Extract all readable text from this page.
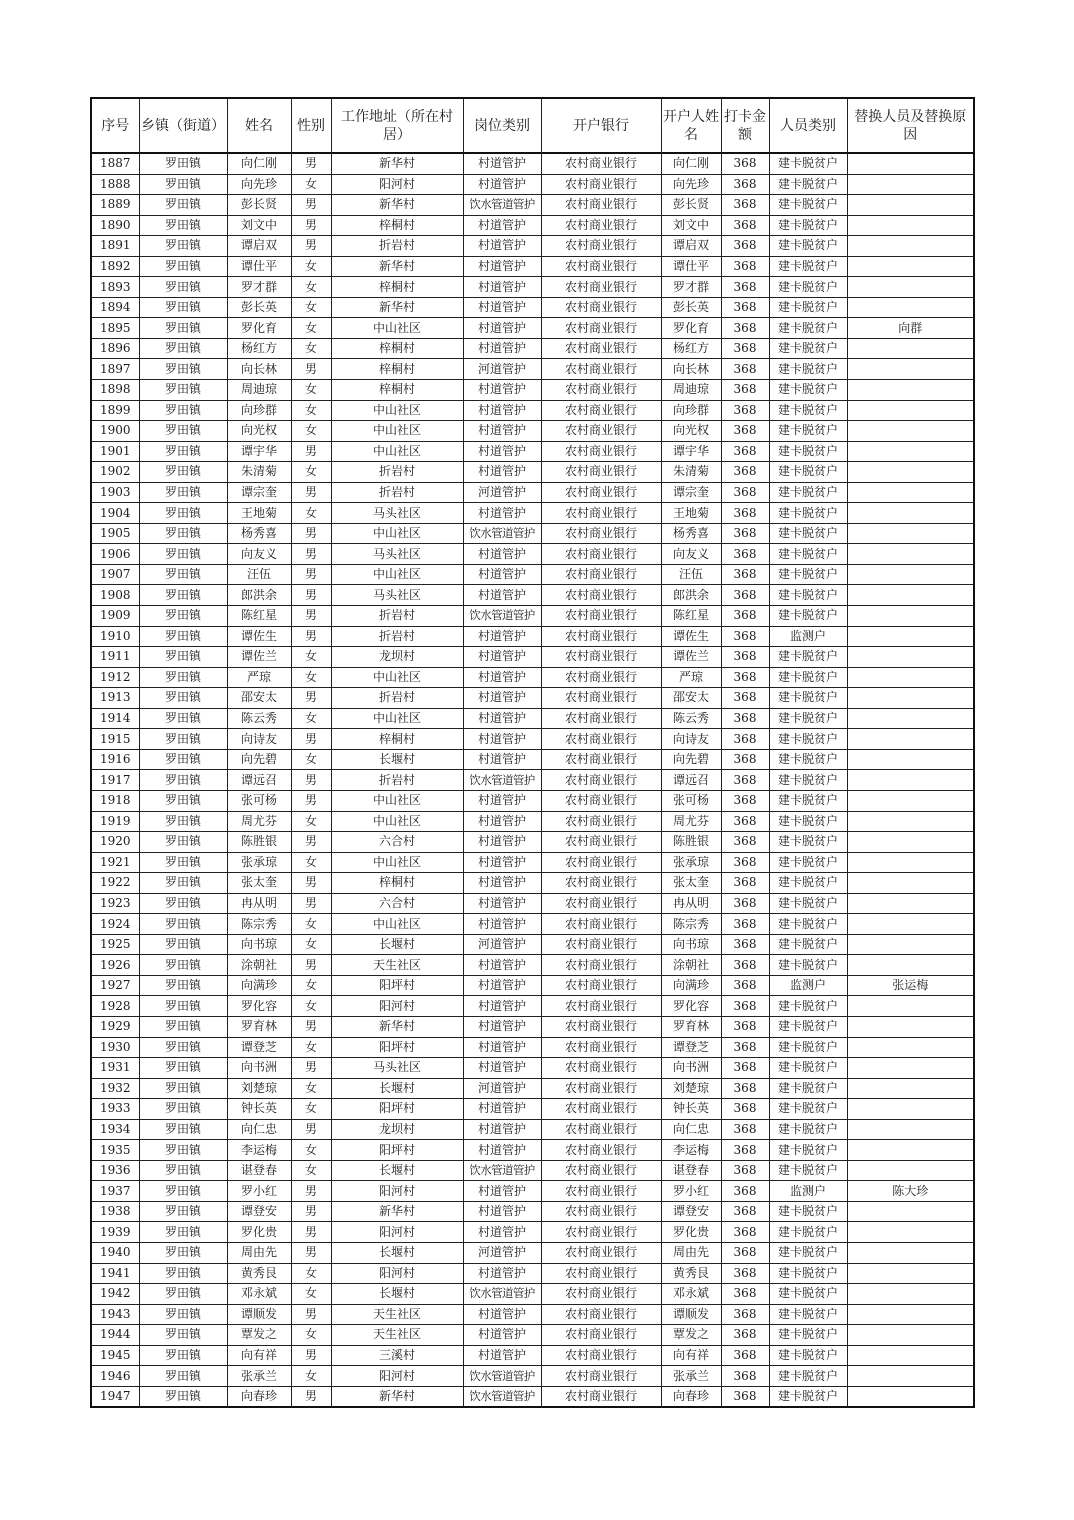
序号	乡镇（街道）	姓名	性别	工作地址（所在村居）	岗位类别	开户银行	开户人姓名	打卡金额	人员类别	替换人员及替换原因
1887	罗田镇	向仁刚	男	新华村	村道管护	农村商业银行	向仁刚	368	建卡脱贫户	
1888	罗田镇	向先珍	女	阳河村	村道管护	农村商业银行	向先珍	368	建卡脱贫户	
1889	罗田镇	彭长贤	男	新华村	饮水管道管护	农村商业银行	彭长贤	368	建卡脱贫户	
1890	罗田镇	刘文中	男	梓桐村	村道管护	农村商业银行	刘文中	368	建卡脱贫户	
1891	罗田镇	谭启双	男	折岩村	村道管护	农村商业银行	谭启双	368	建卡脱贫户	
1892	罗田镇	谭仕平	女	新华村	村道管护	农村商业银行	谭仕平	368	建卡脱贫户	
1893	罗田镇	罗才群	女	梓桐村	村道管护	农村商业银行	罗才群	368	建卡脱贫户	
1894	罗田镇	彭长英	女	新华村	村道管护	农村商业银行	彭长英	368	建卡脱贫户	
1895	罗田镇	罗化育	女	中山社区	村道管护	农村商业银行	罗化育	368	建卡脱贫户	向群
1896	罗田镇	杨红方	女	梓桐村	村道管护	农村商业银行	杨红方	368	建卡脱贫户	
1897	罗田镇	向长林	男	梓桐村	河道管护	农村商业银行	向长林	368	建卡脱贫户	
1898	罗田镇	周迪琼	女	梓桐村	村道管护	农村商业银行	周迪琼	368	建卡脱贫户	
1899	罗田镇	向珍群	女	中山社区	村道管护	农村商业银行	向珍群	368	建卡脱贫户	
1900	罗田镇	向光权	女	中山社区	村道管护	农村商业银行	向光权	368	建卡脱贫户	
1901	罗田镇	谭宇华	男	中山社区	村道管护	农村商业银行	谭宇华	368	建卡脱贫户	
1902	罗田镇	朱清菊	女	折岩村	村道管护	农村商业银行	朱清菊	368	建卡脱贫户	
1903	罗田镇	谭宗奎	男	折岩村	河道管护	农村商业银行	谭宗奎	368	建卡脱贫户	
1904	罗田镇	王地菊	女	马头社区	村道管护	农村商业银行	王地菊	368	建卡脱贫户	
1905	罗田镇	杨秀喜	男	中山社区	饮水管道管护	农村商业银行	杨秀喜	368	建卡脱贫户	
1906	罗田镇	向友义	男	马头社区	村道管护	农村商业银行	向友义	368	建卡脱贫户	
1907	罗田镇	汪伍	男	中山社区	村道管护	农村商业银行	汪伍	368	建卡脱贫户	
1908	罗田镇	郎洪余	男	马头社区	村道管护	农村商业银行	郎洪余	368	建卡脱贫户	
1909	罗田镇	陈红星	男	折岩村	饮水管道管护	农村商业银行	陈红星	368	建卡脱贫户	
1910	罗田镇	谭佐生	男	折岩村	村道管护	农村商业银行	谭佐生	368	监测户	
1911	罗田镇	谭佐兰	女	龙坝村	村道管护	农村商业银行	谭佐兰	368	建卡脱贫户	
1912	罗田镇	严琼	女	中山社区	村道管护	农村商业银行	严琼	368	建卡脱贫户	
1913	罗田镇	邵安太	男	折岩村	村道管护	农村商业银行	邵安太	368	建卡脱贫户	
1914	罗田镇	陈云秀	女	中山社区	村道管护	农村商业银行	陈云秀	368	建卡脱贫户	
1915	罗田镇	向诗友	男	梓桐村	村道管护	农村商业银行	向诗友	368	建卡脱贫户	
1916	罗田镇	向先碧	女	长堰村	村道管护	农村商业银行	向先碧	368	建卡脱贫户	
1917	罗田镇	谭远召	男	折岩村	饮水管道管护	农村商业银行	谭远召	368	建卡脱贫户	
1918	罗田镇	张可杨	男	中山社区	村道管护	农村商业银行	张可杨	368	建卡脱贫户	
1919	罗田镇	周尤芬	女	中山社区	村道管护	农村商业银行	周尤芬	368	建卡脱贫户	
1920	罗田镇	陈胜银	男	六合村	村道管护	农村商业银行	陈胜银	368	建卡脱贫户	
1921	罗田镇	张承琼	女	中山社区	村道管护	农村商业银行	张承琼	368	建卡脱贫户	
1922	罗田镇	张太奎	男	梓桐村	村道管护	农村商业银行	张太奎	368	建卡脱贫户	
1923	罗田镇	冉从明	男	六合村	村道管护	农村商业银行	冉从明	368	建卡脱贫户	
1924	罗田镇	陈宗秀	女	中山社区	村道管护	农村商业银行	陈宗秀	368	建卡脱贫户	
1925	罗田镇	向书琼	女	长堰村	河道管护	农村商业银行	向书琼	368	建卡脱贫户	
1926	罗田镇	涂朝社	男	天生社区	村道管护	农村商业银行	涂朝社	368	建卡脱贫户	
1927	罗田镇	向满珍	女	阳坪村	村道管护	农村商业银行	向满珍	368	监测户	张运梅
1928	罗田镇	罗化容	女	阳河村	村道管护	农村商业银行	罗化容	368	建卡脱贫户	
1929	罗田镇	罗育林	男	新华村	村道管护	农村商业银行	罗育林	368	建卡脱贫户	
1930	罗田镇	谭登芝	女	阳坪村	村道管护	农村商业银行	谭登芝	368	建卡脱贫户	
1931	罗田镇	向书洲	男	马头社区	村道管护	农村商业银行	向书洲	368	建卡脱贫户	
1932	罗田镇	刘楚琼	女	长堰村	河道管护	农村商业银行	刘楚琼	368	建卡脱贫户	
1933	罗田镇	钟长英	女	阳坪村	村道管护	农村商业银行	钟长英	368	建卡脱贫户	
1934	罗田镇	向仁忠	男	龙坝村	村道管护	农村商业银行	向仁忠	368	建卡脱贫户	
1935	罗田镇	李运梅	女	阳坪村	村道管护	农村商业银行	李运梅	368	建卡脱贫户	
1936	罗田镇	谌登春	女	长堰村	饮水管道管护	农村商业银行	谌登春	368	建卡脱贫户	
1937	罗田镇	罗小红	男	阳河村	村道管护	农村商业银行	罗小红	368	监测户	陈大珍
1938	罗田镇	谭登安	男	新华村	村道管护	农村商业银行	谭登安	368	建卡脱贫户	
1939	罗田镇	罗化贵	男	阳河村	村道管护	农村商业银行	罗化贵	368	建卡脱贫户	
1940	罗田镇	周由先	男	长堰村	河道管护	农村商业银行	周由先	368	建卡脱贫户	
1941	罗田镇	黄秀艮	女	阳河村	村道管护	农村商业银行	黄秀艮	368	建卡脱贫户	
1942	罗田镇	邓永斌	女	长堰村	饮水管道管护	农村商业银行	邓永斌	368	建卡脱贫户	
1943	罗田镇	谭顺发	男	天生社区	村道管护	农村商业银行	谭顺发	368	建卡脱贫户	
1944	罗田镇	覃发之	女	天生社区	村道管护	农村商业银行	覃发之	368	建卡脱贫户	
1945	罗田镇	向有祥	男	三溪村	村道管护	农村商业银行	向有祥	368	建卡脱贫户	
1946	罗田镇	张承兰	女	阳河村	饮水管道管护	农村商业银行	张承兰	368	建卡脱贫户	
1947	罗田镇	向春珍	男	新华村	饮水管道管护	农村商业银行	向春珍	368	建卡脱贫户	
